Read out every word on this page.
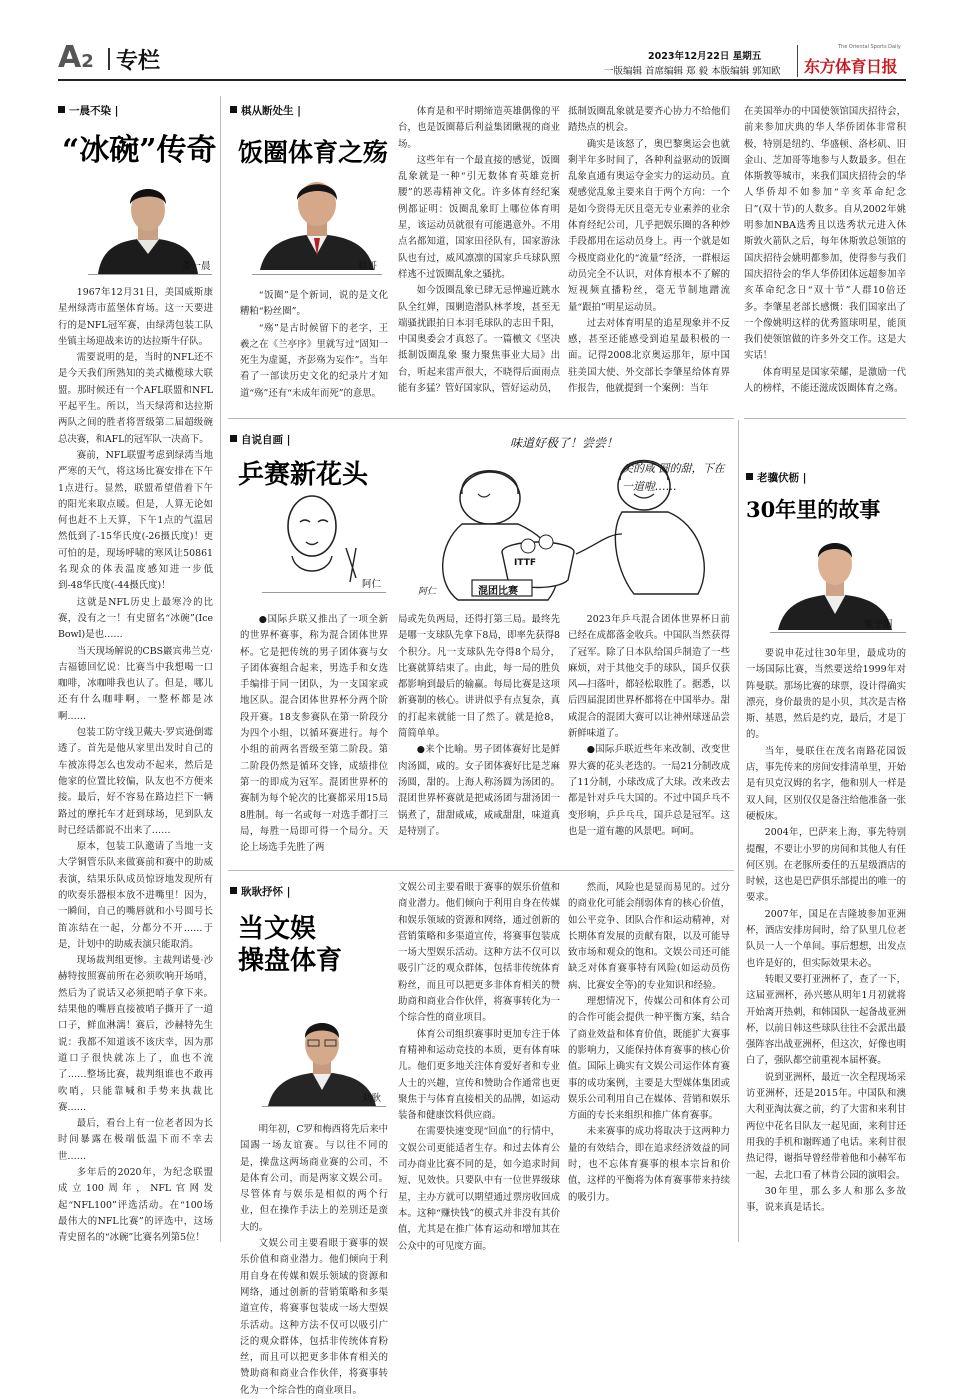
A2 专栏	2023年12月22日 星期五
一版编辑 首席编辑 郑 毅 本版编辑 郭知欧 东方体育日报
The Oriental Sports Daily
一晨不染 |
“冰碗”传奇
娄一晨

1967年12月31日，美国威斯康星州绿湾市蓝堡体育场。这一天要进行的是NFL冠军赛，由绿湾包装工队坐镇主场迎战来访的达拉斯牛仔队。

需要说明的是，当时的NFL还不是今天我们所熟知的美式橄榄球大联盟。那时候还有一个AFL联盟和NFL平起平生。所以，当天绿湾和达拉斯两队之间的胜者将晋级第二届超级碗总决赛，和AFL的冠军队一决高下。

赛前，NFL联盟考虑到绿湾当地严寒的天气，将这场比赛安排在下午1点进行。显然，联盟希望借着下午的阳光来取点暖。但是，人算无论如何也赶不上天算，下午1点的气温居然低到了-15华氏度(-26摄氏度)！更可怕的是，现场呼啸的寒风让50861名现众的体表温度感知进一步低到-48华氏度(-44摄氏度)！

这就是NFL历史上最寒冷的比赛，没有之一！有史留名“冰碗”(Ice Bowl)是也……

当天现场解说的CBS巖宾弗兰克·吉福德回忆说：比赛当中我想喝一口咖啡，冰咖啡我也认了。但是，哪儿还有什么咖啡啊，一整杯都是冰啊……

包装工防守线卫戴夫·罗宾逊倒霉透了。首先是他从家里出发时自己的车被冻得怎么也发动不起来，然后是他家的位置比较偏，队友也不方便来接。最后，好不容易在路边拦下一辆路过的摩托车才赶到球场，见到队友时已经话都说不出来了……

原本，包装工队邀请了当地一支大学铜管乐队来做赛前和赛中的助威表演，结果乐队成员惊讶地发现所有的吹奏乐器根本放不进嘴里！因为，一瞬间，自己的嘴唇就和小号圆号长笛冻结在一起，分都分不开……于是，计划中的助威表演只能取消。

现场裁判组更惨。主裁判诺曼·沙赫特按照赛前所在必须吹响开场哨，然后为了说话又必须把哨子拿下来。结果他的嘴唇直接被哨子撕开了一道口子，鲜血淋漓！赛后，沙赫特先生说：我都不知道该不该庆幸，因为那道口子很快就冻上了，血也不流了……整场比赛，裁判组谁也不敢再吹哨，只能靠喊和手势来执裁比赛……

最后，看台上有一位老者因为长时间暴露在极端低温下而不幸去世……

多年后的2020年，为纪念联盟成立100周年，NFL官网发起“NFL100”评选活动。在“100场最伟大的NFL比赛”的评选中，这场青史留名的“冰碗”比赛名列第5位！

棋从断处生 |
饭圈体育之殇
棋哥

“饭圈”是个新词，说的是文化糟粕“粉丝圈”。

“殇”是古时候留下的老字，王羲之在《兰亭序》里就写过“固知一死生为虚诞，齐彭殇为妄作”。当年看了一部读历史文化的纪录片才知道“殇”还有“未成年而死”的意思。

体育是和平时期缔造英雄偶像的平台，也是饭圈幕后利益集团瞅视的商业场。

这些年有一个最直接的感觉，饭圈乱象就是一种“引无数体育英雄竞折腰”的恶毒精神文化。许多体育经纪案例都证明：饭圈乱象盯上哪位体育明星，该运动员就很有可能遇意外。不用点名都知道，国家田径队有，国家游泳队也有过，威风凛凛的国家乒乓球队照样逃不过饭圈乱象之骚扰。

如今饭圈乱象已肆无忌惮遍近跳水队全红婵，围剿造潜队林孝埈，甚至无端骚扰跟拍日本羽毛球队的志田千阳，中国奥委会才真怒了。一篇檄文《坚决抵制饭圈乱象 聚力聚焦事业大局》出台，听起来雷声很大，不晓得后面雨点能有多猛？管好国家队，管好运动员，

抵制饭圈乱象就是要齐心协力不给他们踏热点的机会。

确实是该怒了，奥巴黎奥运会也就剩半年多时间了，各种利益驱动的饭圈乱象直通有奥运夺金实力的运动员。直观感觉乱象主要来自于两个方向：一个是如今资得无厌且毫无专业素养的业余体育经纪公司，几乎把娱乐圈的各种炒手段都用在运动员身上。再一个就是如今极度商业化的“流量”经济，一群根运动员完全不认识，对体育根本不了解的短视频直播粉丝，毫无节制地蹭流量“跟拍”明星运动员。

过去对体育明星的追星现象并不反感，甚至还能感受到追星最积极的一面。记得2008北京奥运那年，原中国驻美国大使、外交部长李肇星给体育界作报告，他就提到一个案例：当年

在美国举办的中国使领馆国庆招待会，前来参加庆典的华人华侨团体非常积极，特别是纽约、华盛顿、洛杉矶、旧金山、芝加哥等地参与人数最多。但在体斯教等城市，来我们国庆招待会的华人华侨却不如参加“辛亥革命纪念日”(双十节)的人数多。自从2002年姚明参加NBA选秀且以选秀状元进入休斯敦火箭队之后，每年休斯敦总领馆的国庆招待会姚明都参加，使得参与我们国庆招待会的华人华侨团体远超参加辛亥革命纪念日“双十节”人群10倍还多。李肇星老部长感慨：我们国家出了一个像姚明这样的优秀篮球明星，能顶我们使领馆做的许多外交工作。这是大实话！

体育明星是国家荣耀，是激励一代人的榜样，不能还滋成饭圈体育之殇。

自说自画 |
乒赛新花头
阿仁
味道好极了！尝尝！
尖的咸 圆的甜，下在一道啦……
ITTF
混团比赛
阿仁

●国际乒联又推出了一项全新的世界杯赛事，称为混合团体世界杯。它是把传统的男子团体赛与女子团体赛组合起来，男选手和女选手编排于同一团队，为一支国家或地区队。混合团体世界杯分两个阶段开赛。18支参赛队在第一阶段分为四个小组，以循环赛进行。每个小组的前两名晋级至第二阶段。第二阶段仍然是循环交锋，成绩排位第一的即成为冠军。混团世界杯的赛制为每个轮次的比赛都采用15局8胜制。每一名或每一对选手都打三局，每胜一局即可得一个局分。天论上场选手先胜了两

局或先负两局，还得打第三局。最终先是哪一支球队先拿下8局，即率先获得8个积分。凡一支球队先夺得8个局分，比赛就算结束了。由此，每一局的胜负都影响到最后的输赢。每局比赛是这项新赛制的核心。讲讲似乎有点复杂，真的打起来就能一目了然了。就是抢8，简简单单。

●来个比喻。男子团体赛好比是鲜肉汤圆，咸的。女子团体赛好比是芝麻汤圆，甜的。上海人称汤圆为汤团的。混团世界杯赛就是把咸汤团与甜汤团一锅煮了，甜甜咸咸，咸咸甜甜，味道真是特别了。

2023年乒乓混合团体世界杯日前已经在成都落金收兵。中国队当然获得了冠军。除了日本队给国乒制造了一些麻烦，对于其他交手的球队，国乒仅获风—扫落叶，都轻松取胜了。据悉，以后四届混团世界杯都将在中国举办。甜咸混合的混团大赛可以让神州球迷品尝新鲜味道了。

●国际乒联近些年来改制、改变世界大赛的花头老迭的。一局21分制改成了11分制，小球改成了大球。改来改去都是针对乒乓大国的。不过中国乒乓不变形响，乒乒乓乓，国乒总是冠军。这也是一道有趣的风景吧。呵呵。

耿耿抒怀 |
当文娱
操盘体育
刘耿

明年初，C罗和梅西将先后来中国踢一场友谊赛。与以往不同的是，操盘这两场商业赛的公司，不是体育公司，而是两家文娱公司。尽管体育与娱乐是相似的两个行业，但在操作手法上的差别还是蛮大的。

文娱公司主要看眼于赛事的娱乐价值和商业潜力。他们倾向于利用自身在传媒和娱乐领域的资源和网络，通过创新的营销策略和多渠道宣传，将赛事包装成一场大型娱乐活动。这种方法不仅可以吸引广泛的观众群体，包括非传统体育粉丝，而且可以把更多非体育相关的赞助商和商业合作伙伴，将赛事转化为一个综合性的商业项目。

文娱公司主要看眼于赛事的娱乐价值和商业潜力。他们倾向于利用自身在传媒和娱乐领域的资源和网络，通过创新的营销策略和多渠道宣传，将赛事包装成一场大型娱乐活动。这种方法不仅可以吸引广泛的观众群体，包括非传统体育粉丝，而且可以把更多非体育相关的赞助商和商业合作伙伴，将赛事转化为一个综合性的商业项目。

体育公司组织赛事时更加专注于体育精神和运动竞技的本质，更有体育味儿。他们更多地关注体育爱好者和专业人士的兴趣，宣传和赞助合作通常也更聚焦于与体育直接相关的品牌，如运动装备和健康饮料供应商。

在需要快速变现“回血”的行情中，文娱公司更能适者生存。和过去体育公司办商业比赛不同的是，如今追求时间短、见效快。只要队中有一位世界级球星，主办方就可以期望通过票房收回成本。这种“赚快钱”的模式并非没有其价值，尤其是在推广体育运动和增加其在公众中的可见度方面。

然而，风险也是显而易见的。过分的商业化可能会削弱体育的核心价值，如公平竞争、团队合作和运动精神，对长期体育发展的贡献有限，以及可能导致市场和观众的饱和。文娱公司还可能缺乏对体育赛事特有风险(如运动员伤病、比赛安全等)的专业知识和经验。

理想情况下，传媒公司和体育公司的合作可能会提供一种平衡方案，结合了商业效益和体育价值，既能扩大赛事的影响力，又能保持体育赛事的核心价值。国际上确实有文娱公司运作体育赛事的成功案例，主要是大型媒体集团或娱乐公司利用自己在媒体、营销和娱乐方面的专长来组织和推广体育赛事。

未来赛事的成功将取决于这两种力量的有效结合，即在追求经济效益的同时，也不忘体育赛事的根本宗旨和价值，这样的平衡将为体育赛事带来持续的吸引力。

老骥伏枥 |
30年里的故事
姬宇阳

要说申花过往30年里，最成功的一场国际比赛，当然要送给1999年对阵曼联。那场比赛的球票，设计得确实漂亮，身价最贵的是小贝，其次是吉格斯、基恩，然后是约克，最后，才是丁的。

当年，曼联住在茂名南路花园饭店，事先传来的房间安排清单里，开始是有贝克汉姆的名字，他和别人一样是双人间，区别仅仅是备注给他准备一张硬板床。

2004年，巴萨来上海，事先特别提醒，不要让小罗的房间和其他人有任何区别。在老豚所委任的五星级酒店的时候，这也是巴萨俱乐部提出的唯一的要求。

2007年，国足在吉隆坡参加亚洲杯，酒店安排房间时，给了队里几位老队员一人一个单间。事后想想，出发点也许是好的，但实际效果未必。

转眼又要打亚洲杯了，查了一下，这届亚洲杯，孙兴慜从明年1月初就将开始离开热刺，和韩国队一起备战亚洲杯，以前日韩这些球队往往不会派出最强阵容出战亚洲杯，但这次，好像也明白了，强队都空前重视本届杯赛。

说到亚洲杯，最近一次全程现场采访亚洲杯，还是2015年。中国队和澳大利亚淘汰赛之前，约了大雷和来利甘两位中花名目队友一起见面，来利甘还用我的手机和谢晖通了电话。来利甘很热记得，谢指导曾经带着他和小赫军布一起，去北口看了林肯公园的演唱会。

30年里，那么多人和那么多故事，说来真是话长。
